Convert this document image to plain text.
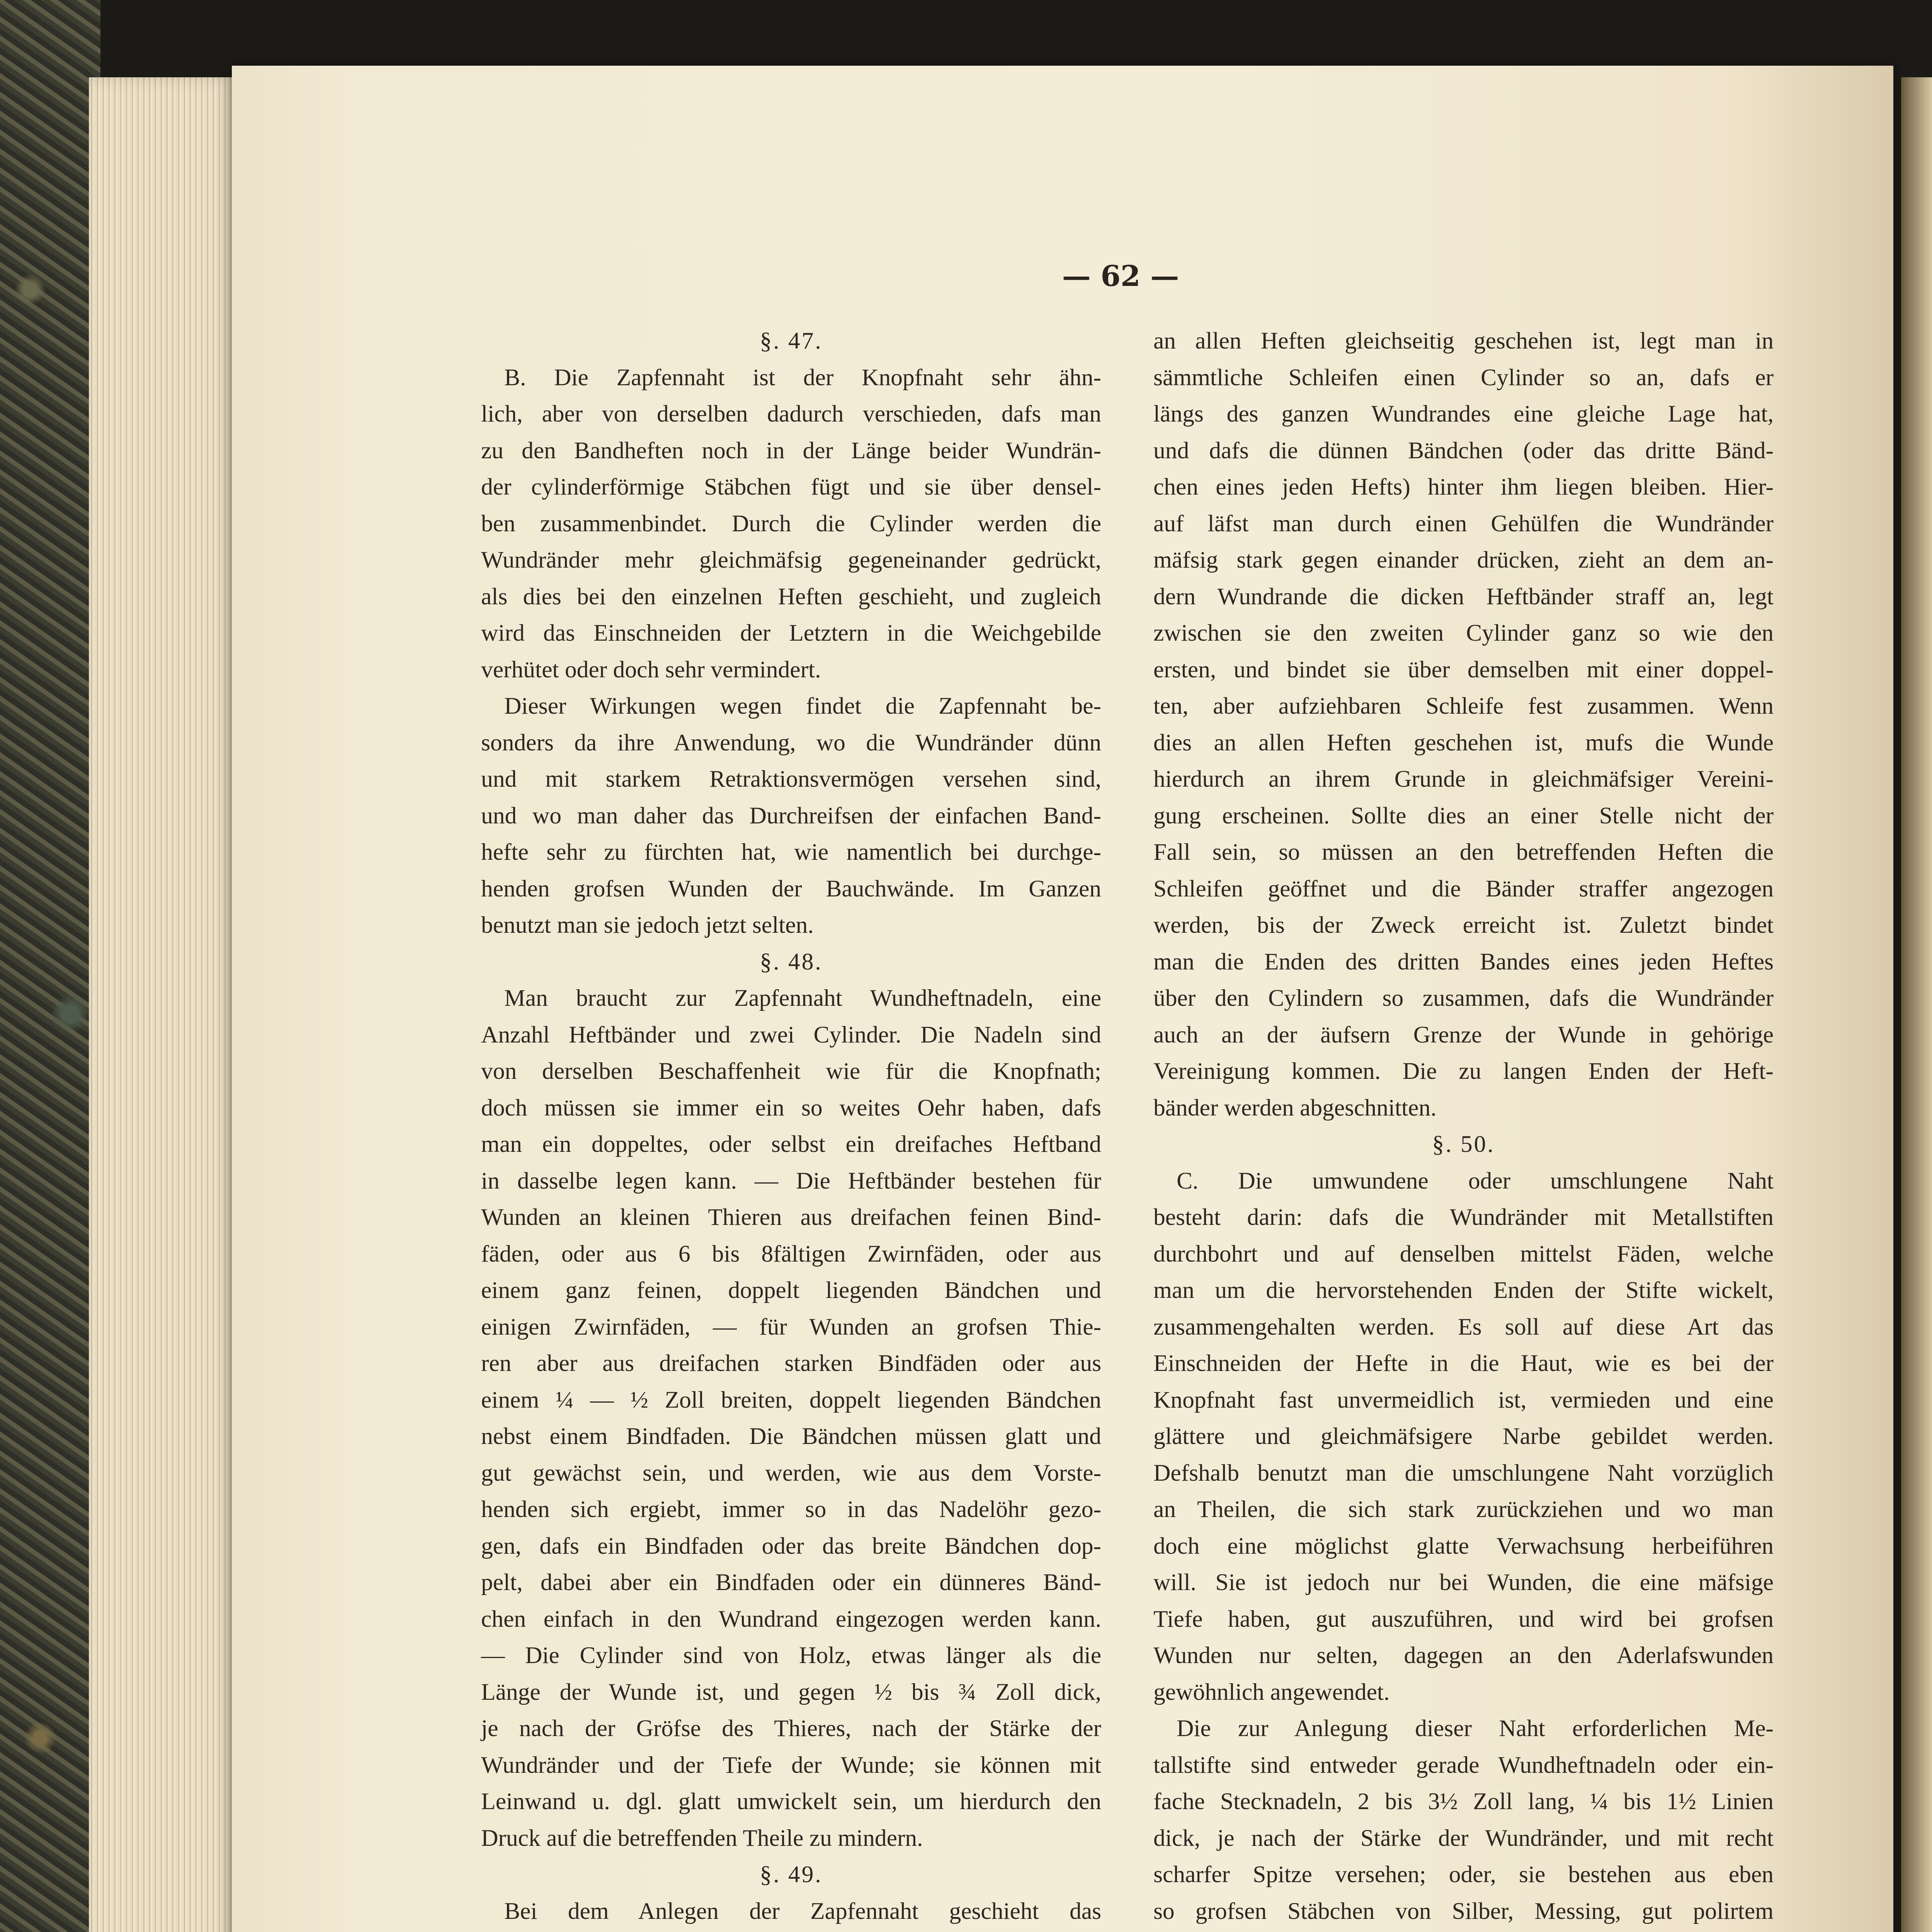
— 62 —
§. 47.
B. Die Zapfennaht ist der Knopfnaht sehr ähn-
lich, aber von derselben dadurch verschieden, dafs man
zu den Bandheften noch in der Länge beider Wundrän-
der cylinderförmige Stäbchen fügt und sie über densel-
ben zusammenbindet. Durch die Cylinder werden die
Wundränder mehr gleichmäfsig gegeneinander gedrückt,
als dies bei den einzelnen Heften geschieht, und zugleich
wird das Einschneiden der Letztern in die Weichgebilde
verhütet oder doch sehr vermindert.
Dieser Wirkungen wegen findet die Zapfennaht be-
sonders da ihre Anwendung, wo die Wundränder dünn
und mit starkem Retraktionsvermögen versehen sind,
und wo man daher das Durchreifsen der einfachen Band-
hefte sehr zu fürchten hat, wie namentlich bei durchge-
henden grofsen Wunden der Bauchwände. Im Ganzen
benutzt man sie jedoch jetzt selten.
§. 48.
Man braucht zur Zapfennaht Wundheftnadeln, eine
Anzahl Heftbänder und zwei Cylinder. Die Nadeln sind
von derselben Beschaffenheit wie für die Knopfnath;
doch müssen sie immer ein so weites Oehr haben, dafs
man ein doppeltes, oder selbst ein dreifaches Heftband
in dasselbe legen kann. — Die Heftbänder bestehen für
Wunden an kleinen Thieren aus dreifachen feinen Bind-
fäden, oder aus 6 bis 8fältigen Zwirnfäden, oder aus
einem ganz feinen, doppelt liegenden Bändchen und
einigen Zwirnfäden, — für Wunden an grofsen Thie-
ren aber aus dreifachen starken Bindfäden oder aus
einem ¼ — ½ Zoll breiten, doppelt liegenden Bändchen
nebst einem Bindfaden. Die Bändchen müssen glatt und
gut gewächst sein, und werden, wie aus dem Vorste-
henden sich ergiebt, immer so in das Nadelöhr gezo-
gen, dafs ein Bindfaden oder das breite Bändchen dop-
pelt, dabei aber ein Bindfaden oder ein dünneres Bänd-
chen einfach in den Wundrand eingezogen werden kann.
— Die Cylinder sind von Holz, etwas länger als die
Länge der Wunde ist, und gegen ½ bis ¾ Zoll dick,
je nach der Gröfse des Thieres, nach der Stärke der
Wundränder und der Tiefe der Wunde; sie können mit
Leinwand u. dgl. glatt umwickelt sein, um hierdurch den
Druck auf die betreffenden Theile zu mindern.
§. 49.
Bei dem Anlegen der Zapfennaht geschieht das
an allen Heften gleichseitig geschehen ist, legt man in
sämmtliche Schleifen einen Cylinder so an, dafs er
längs des ganzen Wundrandes eine gleiche Lage hat,
und dafs die dünnen Bändchen (oder das dritte Bänd-
chen eines jeden Hefts) hinter ihm liegen bleiben. Hier-
auf läfst man durch einen Gehülfen die Wundränder
mäfsig stark gegen einander drücken, zieht an dem an-
dern Wundrande die dicken Heftbänder straff an, legt
zwischen sie den zweiten Cylinder ganz so wie den
ersten, und bindet sie über demselben mit einer doppel-
ten, aber aufziehbaren Schleife fest zusammen. Wenn
dies an allen Heften geschehen ist, mufs die Wunde
hierdurch an ihrem Grunde in gleichmäfsiger Vereini-
gung erscheinen. Sollte dies an einer Stelle nicht der
Fall sein, so müssen an den betreffenden Heften die
Schleifen geöffnet und die Bänder straffer angezogen
werden, bis der Zweck erreicht ist. Zuletzt bindet
man die Enden des dritten Bandes eines jeden Heftes
über den Cylindern so zusammen, dafs die Wundränder
auch an der äufsern Grenze der Wunde in gehörige
Vereinigung kommen. Die zu langen Enden der Heft-
bänder werden abgeschnitten.
§. 50.
C. Die umwundene oder umschlungene Naht
besteht darin: dafs die Wundränder mit Metallstiften
durchbohrt und auf denselben mittelst Fäden, welche
man um die hervorstehenden Enden der Stifte wickelt,
zusammengehalten werden. Es soll auf diese Art das
Einschneiden der Hefte in die Haut, wie es bei der
Knopfnaht fast unvermeidlich ist, vermieden und eine
glättere und gleichmäfsigere Narbe gebildet werden.
Defshalb benutzt man die umschlungene Naht vorzüglich
an Theilen, die sich stark zurückziehen und wo man
doch eine möglichst glatte Verwachsung herbeiführen
will. Sie ist jedoch nur bei Wunden, die eine mäfsige
Tiefe haben, gut auszuführen, und wird bei grofsen
Wunden nur selten, dagegen an den Aderlafswunden
gewöhnlich angewendet.
Die zur Anlegung dieser Naht erforderlichen Me-
tallstifte sind entweder gerade Wundheftnadeln oder ein-
fache Stecknadeln, 2 bis 3½ Zoll lang, ¼ bis 1½ Linien
dick, je nach der Stärke der Wundränder, und mit recht
scharfer Spitze versehen; oder, sie bestehen aus eben
so grofsen Stäbchen von Silber, Messing, gut polirtem
